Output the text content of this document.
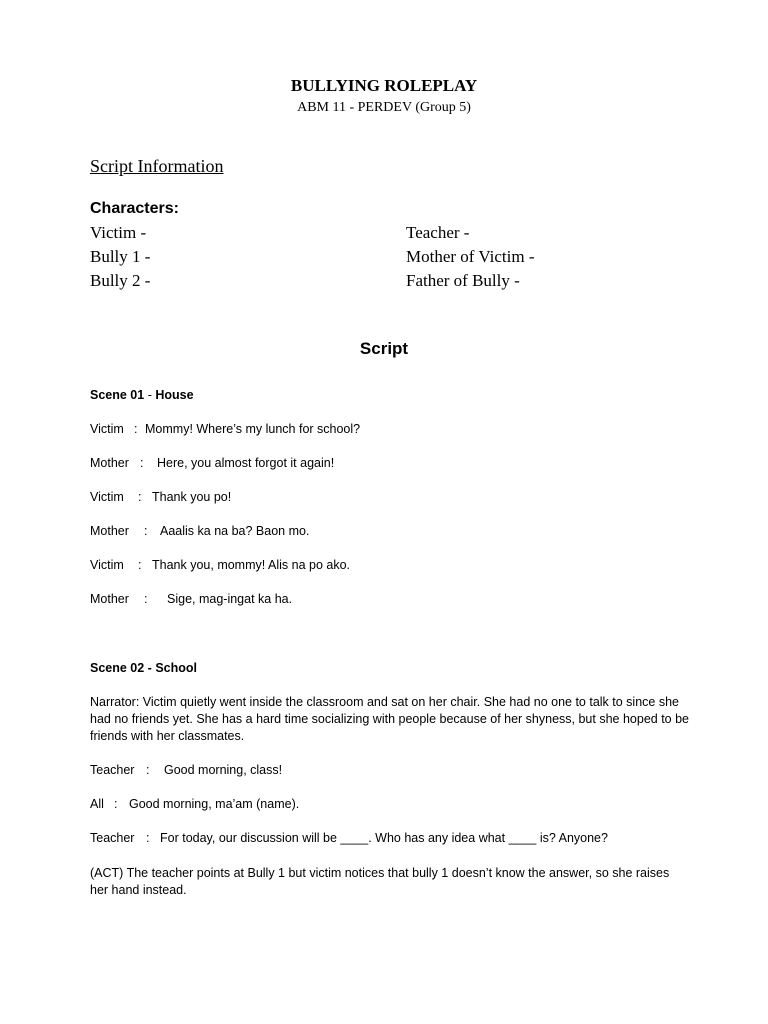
BULLYING ROLEPLAY
ABM 11 - PERDEV (Group 5)
Script Information
Characters:
Victim -
Bully 1 -
Bully 2 -
Teacher -
Mother of Victim -
Father of Bully -
Script
Scene 01 - House
Victim : Mommy! Where’s my lunch for school?
Mother : Here, you almost forgot it again!
Victim : Thank you po!
Mother : Aaalis ka na ba? Baon mo.
Victim : Thank you, mommy! Alis na po ako.
Mother : Sige, mag-ingat ka ha.
Scene 02 - School
Narrator: Victim quietly went inside the classroom and sat on her chair. She had no one to talk to since she had no friends yet. She has a hard time socializing with people because of her shyness, but she hoped to be friends with her classmates.
Teacher : Good morning, class!
All : Good morning, ma’am (name).
Teacher : For today, our discussion will be ____. Who has any idea what ____ is? Anyone?
(ACT) The teacher points at Bully 1 but victim notices that bully 1 doesn’t know the answer, so she raises her hand instead.
